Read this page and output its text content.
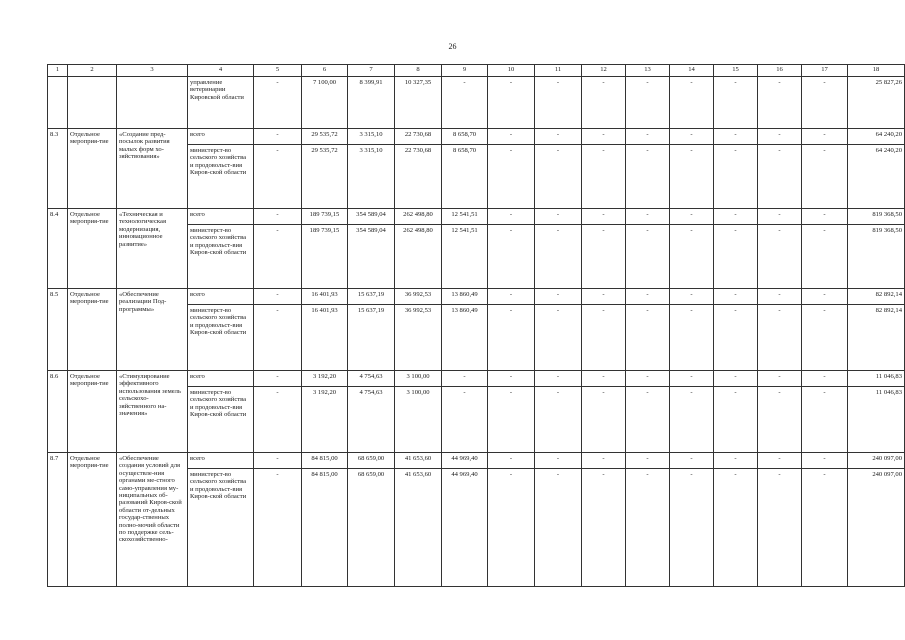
26
1	2	3	4	5	6	7	8	9	10	11	12	13	14	15	16	17	18
			управление ветеринарии Кировской области	-	7 100,00	8 399,91	10 327,35	-	-	-	-	-	-	-	-	-	25 827,26
8.3	Отдельное мероприя-тие	«Создание пред-посылок развития малых форм хо-зяйствования»	всего	-	29 535,72	3 315,10	22 730,68	8 658,70	-	-	-	-	-	-	-	-	64 240,20
			министерст-во сельского хозяйства и продовольст-вия Киров-ской области	-	29 535,72	3 315,10	22 730,68	8 658,70	-	-	-	-	-	-	-	-	64 240,20
8.4	Отдельное мероприя-тие	«Техническая и технологическая модернизация, инновационное развитие»	всего	-	189 739,15	354 589,04	262 498,80	12 541,51	-	-	-	-	-	-	-	-	819 368,50
			министерст-во сельского хозяйства и продовольст-вия Киров-ской области	-	189 739,15	354 589,04	262 498,80	12 541,51	-	-	-	-	-	-	-	-	819 368,50
8.5	Отдельное мероприя-тие	«Обеспечение реализации Под-программы»	всего	-	16 401,93	15 637,19	36 992,53	13 860,49	-	-	-	-	-	-	-	-	82 892,14
			министерст-во сельского хозяйства и продовольст-вия Киров-ской области	-	16 401,93	15 637,19	36 992,53	13 860,49	-	-	-	-	-	-	-	-	82 892,14
8.6	Отдельное мероприя-тие	«Стимулирование эффективного использования земель сельскохо-зяйственного на-значения»	всего	-	3 192,20	4 754,63	3 100,00	-	-	-	-	-	-	-	-	-	11 046,83
			министерст-во сельского хозяйства и продовольст-вия Киров-ской области	-	3 192,20	4 754,63	3 100,00	-	-	-	-	-	-	-	-	-	11 046,83
8.7	Отдельное мероприя-тие	«Обеспечение создания условий для осуществле-ния органами ме-стного само-управления му-ниципальных об-разований Киров-ской области от-дельных государ-ственных полно-мочий области по поддержке сель-скохозяйственно-	всего	-	84 815,00	68 659,00	41 653,60	44 969,40	-	-	-	-	-	-	-	-	240 097,00
			министерст-во сельского хозяйства и продовольст-вия Киров-ской области	-	84 815,00	68 659,00	41 653,60	44 969,40	-	-	-	-	-	-	-	-	240 097,00
